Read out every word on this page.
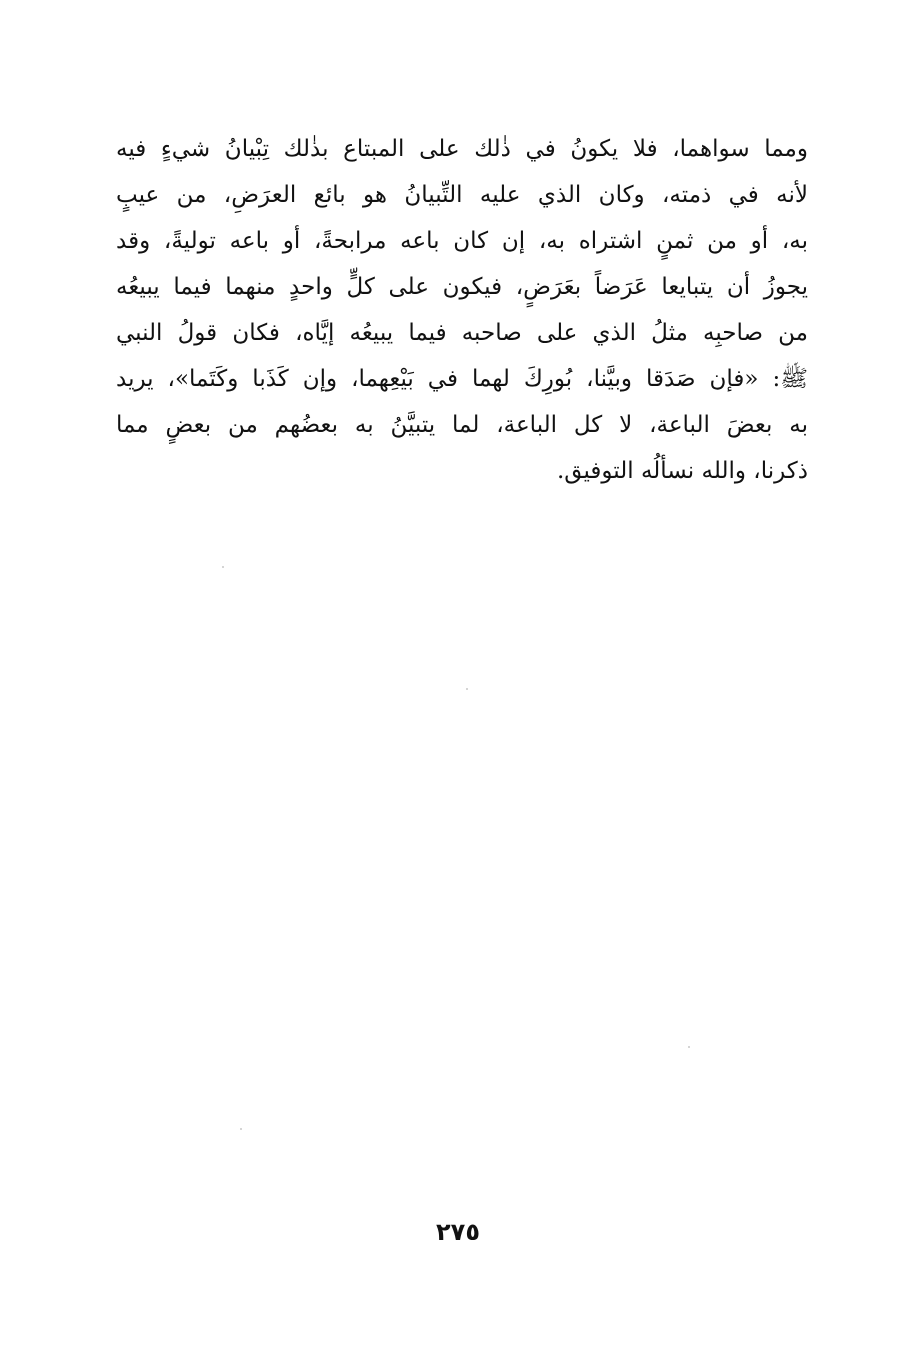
ومما سواهما، فلا يكونُ في ذٰلك على المبتاع بذٰلك تِبْيانُ شيءٍ فيه
لأنه في ذمته، وكان الذي عليه التِّبيانُ هو بائع العرَضِ، من عيبٍ
به، أو من ثمنٍ اشتراه به، إن كان باعه مرابحةً، أو باعه توليةً، وقد
يجوزُ أن يتبايعا عَرَضاً بعَرَضٍ، فيكون على كلٍّ واحدٍ منهما فيما يبيعُه
من صاحبِه مثلُ الذي على صاحبه فيما يبيعُه إيَّاه، فكان قولُ النبي
ﷺ: «فإن صَدَقا وبيَّنا، بُورِكَ لهما في بَيْعِهما، وإن كَذَبا وكَتَما»، يريد
به بعضَ الباعة، لا كل الباعة، لما يتبيَّنُ به بعضُهم من بعضٍ مما
ذكرنا، والله نسألُه التوفيق.
٢٧٥
